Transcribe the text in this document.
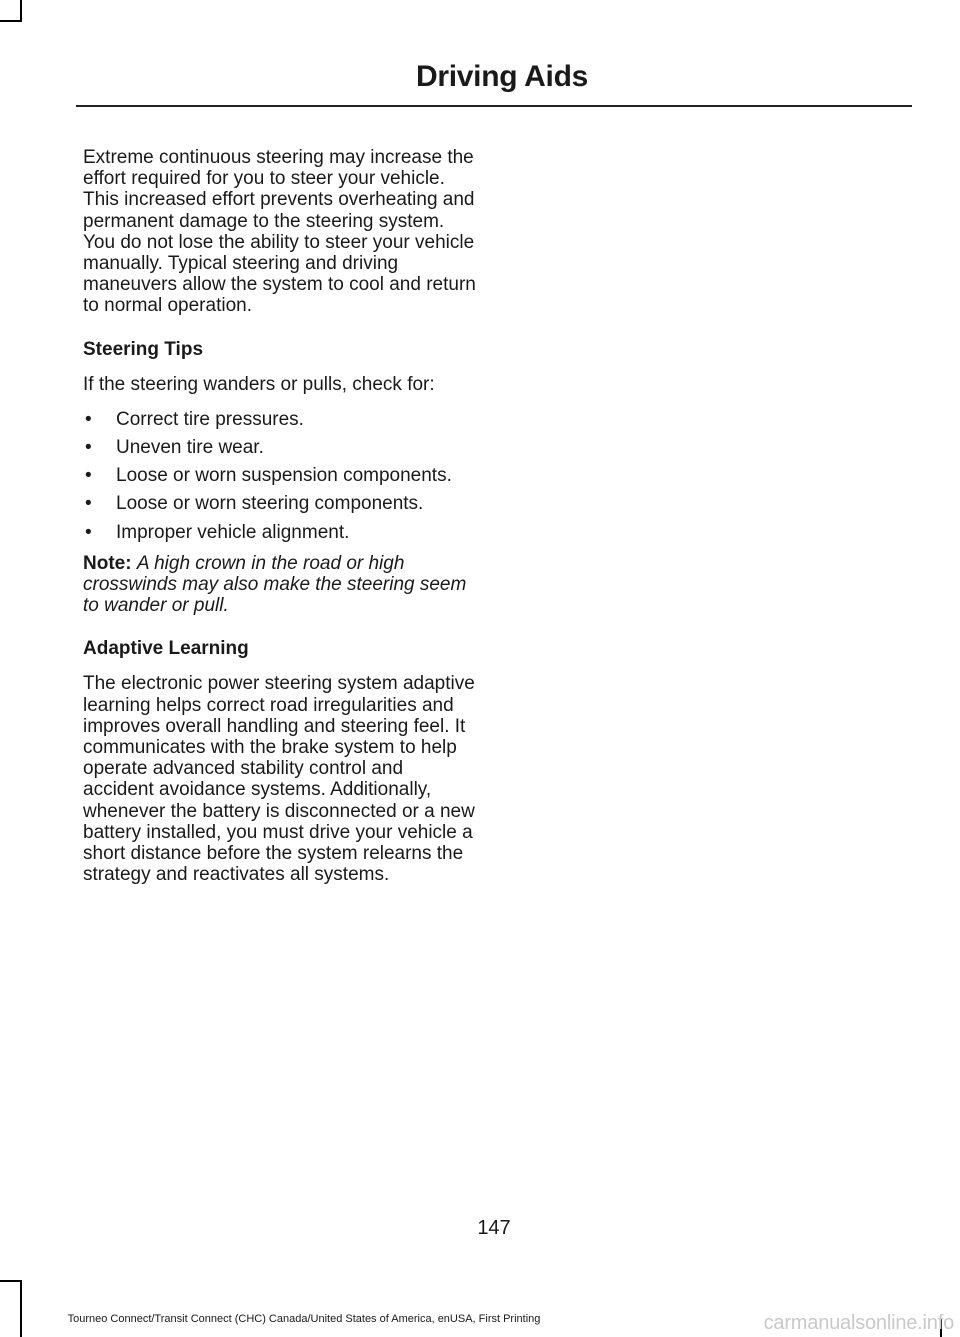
Driving Aids

Extreme continuous steering may increase the effort required for you to steer your vehicle. This increased effort prevents overheating and permanent damage to the steering system. You do not lose the ability to steer your vehicle manually. Typical steering and driving maneuvers allow the system to cool and return to normal operation.

Steering Tips

If the steering wanders or pulls, check for:

• Correct tire pressures.
• Uneven tire wear.
• Loose or worn suspension components.
• Loose or worn steering components.
• Improper vehicle alignment.

Note: A high crown in the road or high crosswinds may also make the steering seem to wander or pull.

Adaptive Learning

The electronic power steering system adaptive learning helps correct road irregularities and improves overall handling and steering feel. It communicates with the brake system to help operate advanced stability control and accident avoidance systems. Additionally, whenever the battery is disconnected or a new battery installed, you must drive your vehicle a short distance before the system relearns the strategy and reactivates all systems.

147
Tourneo Connect/Transit Connect (CHC) Canada/United States of America, enUSA, First Printing	carmanualsonline.info
